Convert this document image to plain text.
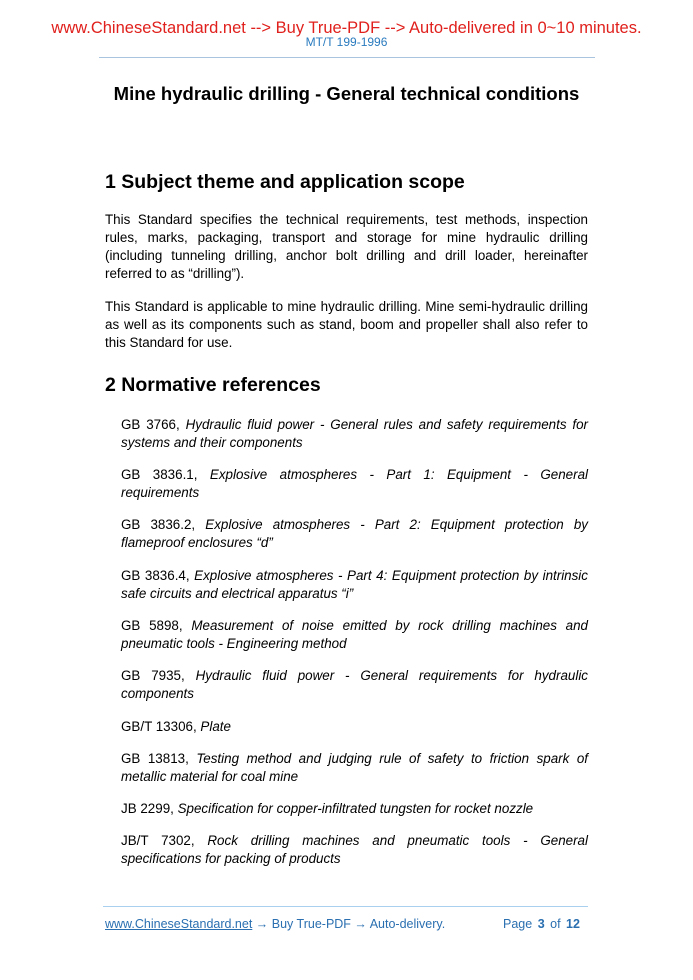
www.ChineseStandard.net --> Buy True-PDF --> Auto-delivered in 0~10 minutes.
MT/T 199-1996
Mine hydraulic drilling - General technical conditions
1 Subject theme and application scope
This Standard specifies the technical requirements, test methods, inspection rules, marks, packaging, transport and storage for mine hydraulic drilling (including tunneling drilling, anchor bolt drilling and drill loader, hereinafter referred to as “drilling”).
This Standard is applicable to mine hydraulic drilling. Mine semi-hydraulic drilling as well as its components such as stand, boom and propeller shall also refer to this Standard for use.
2 Normative references
GB 3766, Hydraulic fluid power - General rules and safety requirements for systems and their components
GB 3836.1, Explosive atmospheres - Part 1: Equipment - General requirements
GB 3836.2, Explosive atmospheres - Part 2: Equipment protection by flameproof enclosures “d”
GB 3836.4, Explosive atmospheres - Part 4: Equipment protection by intrinsic safe circuits and electrical apparatus “i”
GB 5898, Measurement of noise emitted by rock drilling machines and pneumatic tools - Engineering method
GB 7935, Hydraulic fluid power - General requirements for hydraulic components
GB/T 13306, Plate
GB 13813, Testing method and judging rule of safety to friction spark of metallic material for coal mine
JB 2299, Specification for copper-infiltrated tungsten for rocket nozzle
JB/T 7302, Rock drilling machines and pneumatic tools - General specifications for packing of products
www.ChineseStandard.net → Buy True-PDF → Auto-delivery.	Page 3 of 12
